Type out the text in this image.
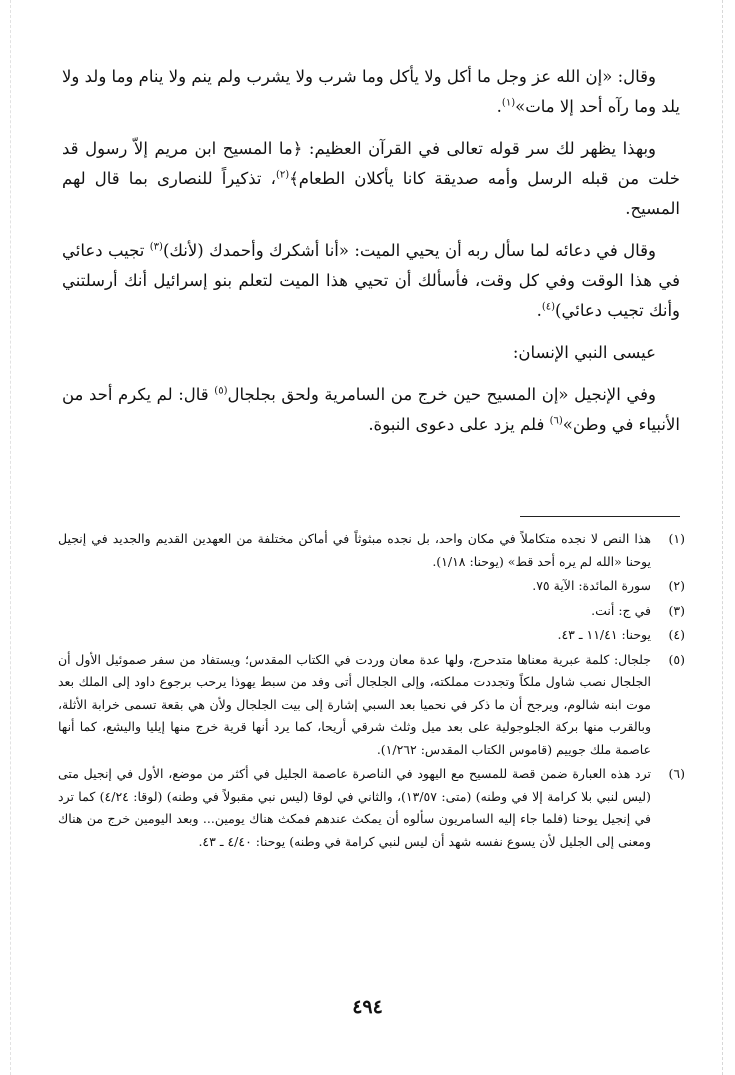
وقال: «إن الله عز وجل ما أكل ولا يأكل وما شرب ولا يشرب ولم ينم ولا ينام وما ولد ولا يلد وما رآه أحد إلا مات»$^{(١)}$.

وبهذا يظهر لك سر قوله تعالى في القرآن العظيم: ﴿ما المسيح ابن مريم إلاّ رسول قد خلت من قبله الرسل وأمه صديقة كانا يأكلان الطعام﴾$^{(٢)}$، تذكيراً للنصارى بما قال لهم المسيح.

وقال في دعائه لما سأل ربه أن يحيي الميت: «أنا أشكرك وأحمدك (لأنك)$^{(٣)}$ تجيب دعائي في هذا الوقت وفي كل وقت، فأسألك أن تحيي هذا الميت لتعلم بنو إسرائيل أنك أرسلتني وأنك تجيب دعائي)$^{(٤)}$.

عيسى النبي الإنسان:

وفي الإنجيل «إن المسيح حين خرج من السامرية ولحق بجلجال$^{(٥)}$ قال: لم يكرم أحد من الأنبياء في وطن»$^{(٦)}$ فلم يزد على دعوى النبوة.

(١)
هذا النص لا نجده متكاملاً في مكان واحد، بل نجده مبثوثاً في أماكن مختلفة من العهدين القديم والجديد في إنجيل يوحنا «الله لم يره أحد قط» (يوحنا: ١/١٨).
(٢)
سورة المائدة: الآية ٧٥.
(٣)
في ج: أنت.
(٤)
يوحنا: ١١/٤١ ـ ٤٣.
(٥)
جلجال: كلمة عبرية معناها متدحرج، ولها عدة معان وردت في الكتاب المقدس؛ ويستفاد من سفر صموئيل الأول أن الجلجال نصب شاول ملكاً وتجددت مملكته، وإلى الجلجال أتى وفد من سبط يهوذا يرحب برجوع داود إلى الملك بعد موت ابنه شالوم، ويرجح أن ما ذكر في نحميا بعد السبي إشارة إلى بيت الجلجال ولأن هي بقعة تسمى خرابة الأثلة، وبالقرب منها بركة الجلوجولية على بعد ميل وثلث شرقي أريحا، كما يرد أنها قرية خرج منها إيليا واليشع، كما أنها عاصمة ملك جوييم (قاموس الكتاب المقدس: ١/٢٦٢).
(٦)
ترد هذه العبارة ضمن قصة للمسيح مع اليهود في الناصرة عاصمة الجليل في أكثر من موضع، الأول في إنجيل متى (ليس لنبي بلا كرامة إلا في وطنه) (متى: ١٣/٥٧)، والثاني في لوقا (ليس نبي مقبولاً في وطنه) (لوقا: ٤/٢٤) كما ترد في إنجيل يوحنا (فلما جاء إليه السامريون سألوه أن يمكث عندهم فمكث هناك يومين... وبعد اليومين خرج من هناك ومعنى إلى الجليل لأن يسوع نفسه شهد أن ليس لنبي كرامة في وطنه) يوحنا: ٤/٤٠ ـ ٤٣.
٤٩٤
